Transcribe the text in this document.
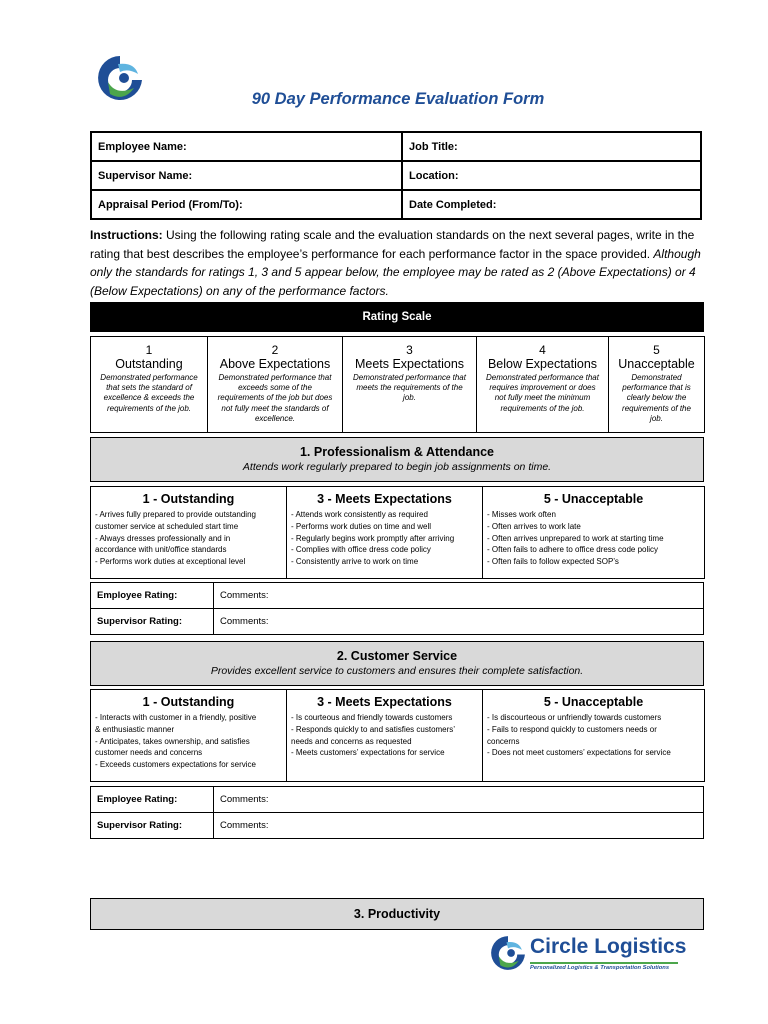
90 Day Performance Evaluation Form
Employee Name:	Job Title:
Supervisor Name:	Location:
Appraisal Period (From/To):	Date Completed:
Instructions: Using the following rating scale and the evaluation standards on the next several pages, write in the rating that best describes the employee’s performance for each performance factor in the space provided. Although only the standards for ratings 1, 3 and 5 appear below, the employee may be rated as 2 (Above Expectations) or 4 (Below Expectations) on any of the performance factors.
Rating Scale
1
Outstanding
Demonstrated performance that sets the standard of excellence & exceeds the requirements of the job.

2
Above Expectations
Demonstrated performance that exceeds some of the requirements of the job but does not fully meet the standards of excellence.

3
Meets Expectations
Demonstrated performance that meets the requirements of the job.

4
Below Expectations
Demonstrated performance that requires improvement or does not fully meet the minimum requirements of the job.

5
Unacceptable
Demonstrated performance that is clearly below the requirements of the job.
1. Professionalism & Attendance
Attends work regularly prepared to begin job assignments on time.
1 - Outstanding
- Arrives fully prepared to provide outstanding
customer service at scheduled start time
- Always dresses professionally and in
accordance with unit/office standards
- Performs work duties at exceptional level

3 - Meets Expectations
- Attends work consistently as required
- Performs work duties on time and well
- Regularly begins work promptly after arriving
- Complies with office dress code policy
- Consistently arrive to work on time

5 - Unacceptable
- Misses work often
- Often arrives to work late
- Often arrives unprepared to work at starting time
- Often fails to adhere to office dress code policy
- Often fails to follow expected SOP’s
Employee Rating:	Comments:
Supervisor Rating:	Comments:
2. Customer Service
Provides excellent service to customers and ensures their complete satisfaction.
1 - Outstanding
- Interacts with customer in a friendly, positive
& enthusiastic manner
- Anticipates, takes ownership, and satisfies
customer needs and concerns
- Exceeds customers expectations for service

3 - Meets Expectations
- Is courteous and friendly towards customers
- Responds quickly to and satisfies customers’
needs and concerns as requested
- Meets customers’ expectations for service

5 - Unacceptable
- Is discourteous or unfriendly towards customers
- Fails to respond quickly to customers needs or
concerns
- Does not meet customers’ expectations for service
Employee Rating:	Comments:
Supervisor Rating:	Comments:
3. Productivity
Circle Logistics
Personalized Logistics & Transportation Solutions
